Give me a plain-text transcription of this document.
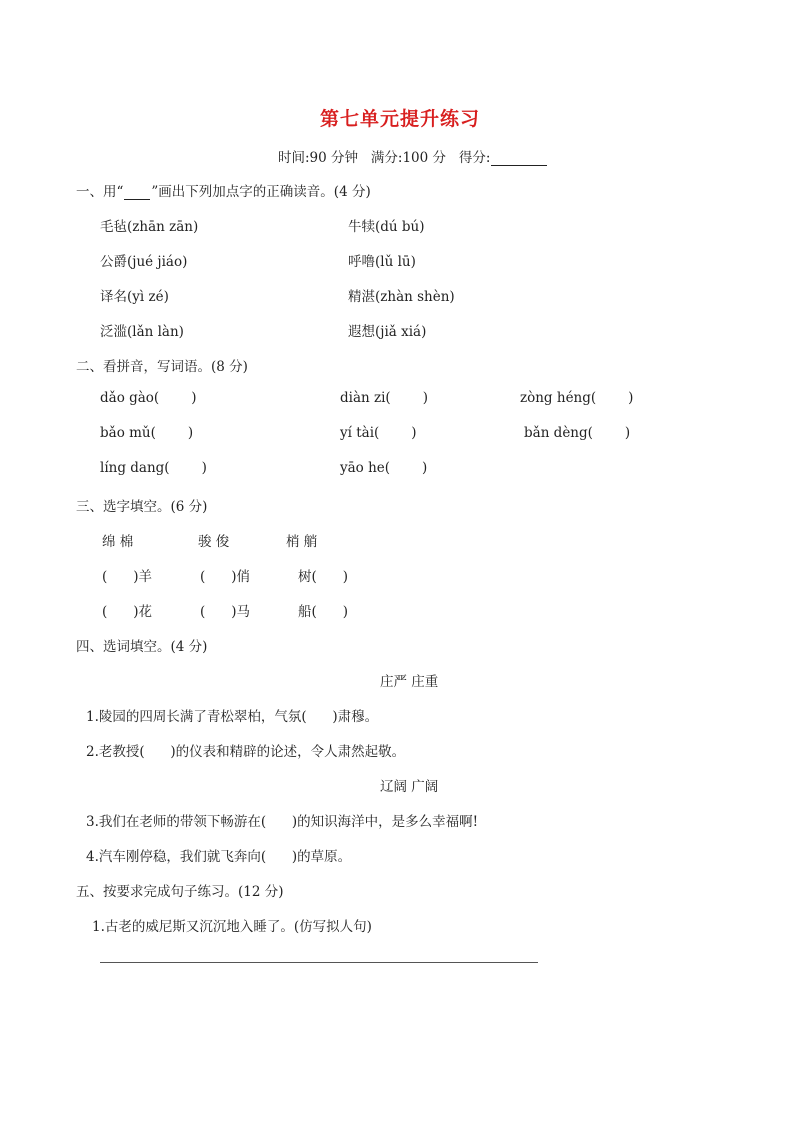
第七单元提升练习
时间:90 分钟 满分:100 分 得分:
一、用“ ”画出下列加点字的正确读音。(4 分)
毛毡(zhān zān)	牛犊(dú bú)
公爵(jué jiáo)	呼噜(lǔ lū)
译名(yì zé)	精湛(zhàn shèn)
泛滥(lǎn làn)	遐想(jiǎ xiá)
二、看拼音，写词语。(8 分)
dǎo gào( )	diàn zi( )	zòng héng( )
bǎo mǔ( )	yí tài( )	bǎn dèng( )
líng dang( )	yāo he( )
三、选字填空。(6 分)
绵 棉	骏 俊	梢 艄
( )羊	( )俏	树( )
( )花	( )马	船( )
四、选词填空。(4 分)
庄严 庄重
1.陵园的四周长满了青松翠柏，气氛(      )肃穆。
2.老教授(      )的仪表和精辟的论述，令人肃然起敬。
辽阔 广阔
3.我们在老师的带领下畅游在(      )的知识海洋中，是多么幸福啊!
4.汽车刚停稳，我们就飞奔向(      )的草原。
五、按要求完成句子练习。(12 分)
1.古老的威尼斯又沉沉地入睡了。(仿写拟人句)
